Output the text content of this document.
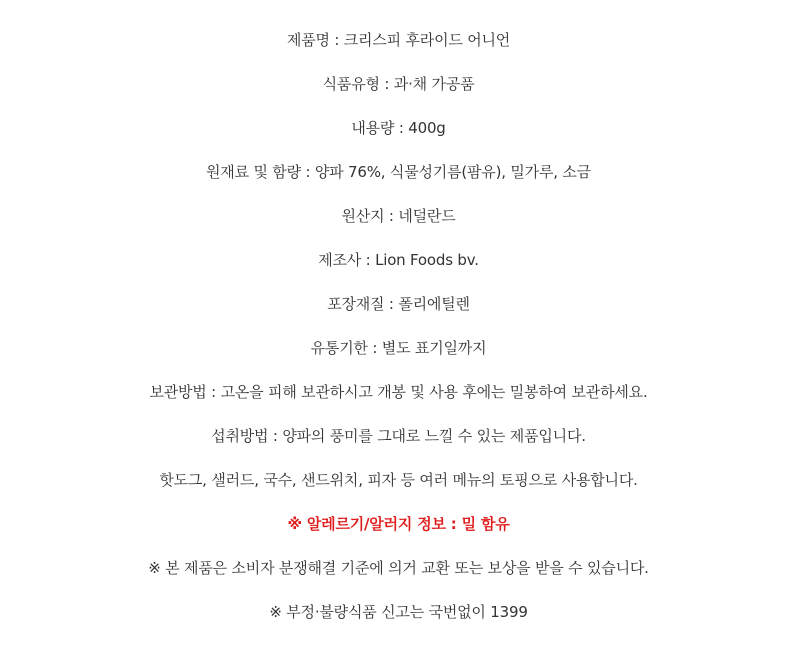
제품명 : 크리스피 후라이드 어니언
식품유형 : 과·채 가공품
내용량 : 400g
원재료 및 함량 : 양파 76%, 식물성기름(팜유), 밀가루, 소금
원산지 : 네덜란드
제조사 : Lion Foods bv.
포장재질 : 폴리에틸렌
유통기한 : 별도 표기일까지
보관방법 : 고온을 피해 보관하시고 개봉 및 사용 후에는 밀봉하여 보관하세요.
섭취방법 : 양파의 풍미를 그대로 느낄 수 있는 제품입니다.
핫도그, 샐러드, 국수, 샌드위치, 피자 등 여러 메뉴의 토핑으로 사용합니다.
※ 알레르기/알러지 정보 : 밀 함유
※ 본 제품은 소비자 분쟁해결 기준에 의거 교환 또는 보상을 받을 수 있습니다.
※ 부정·불량식품 신고는 국번없이 1399
